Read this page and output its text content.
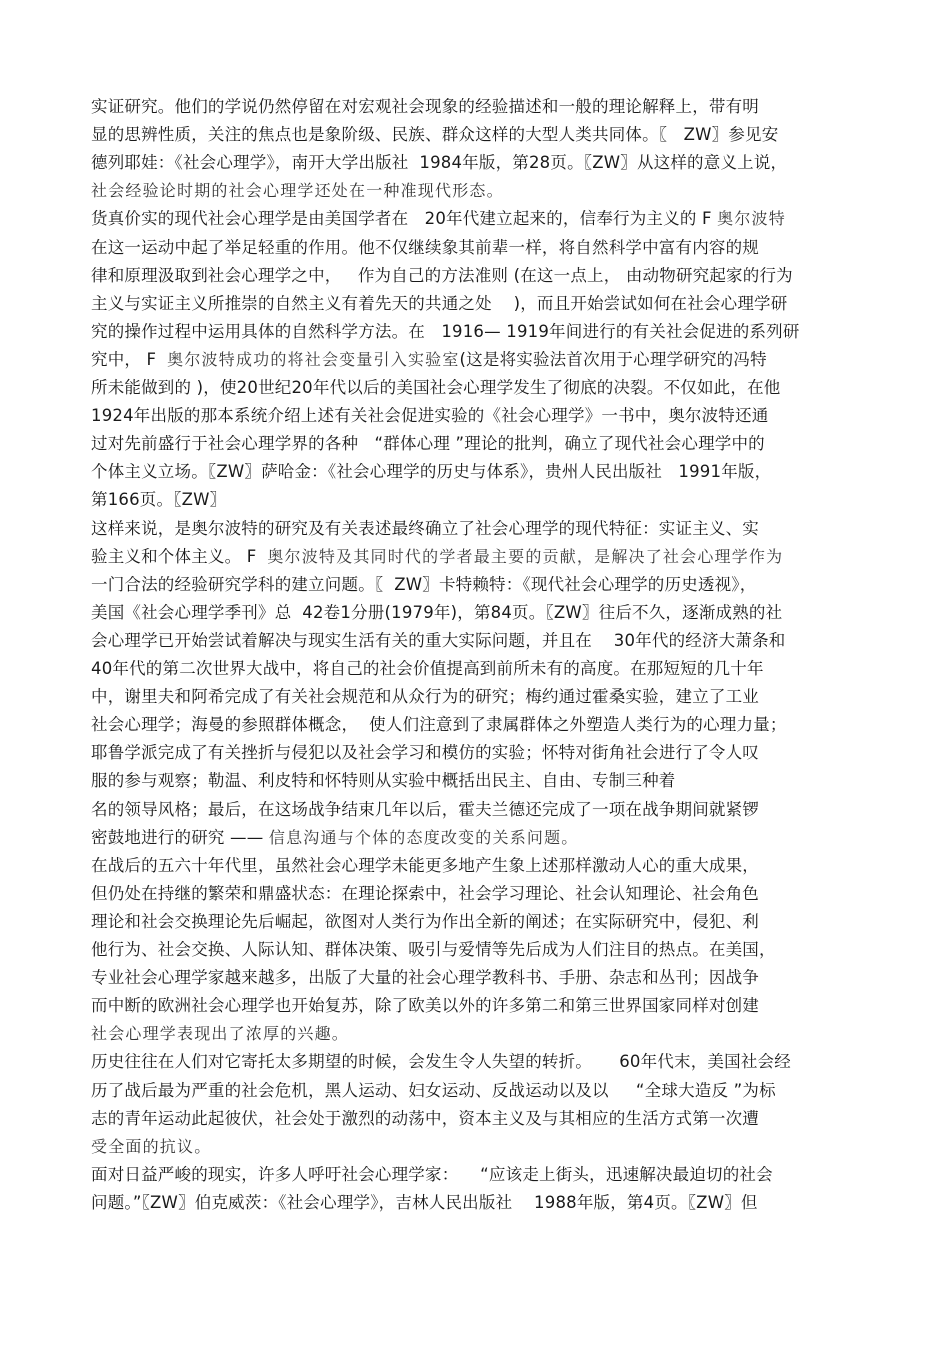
实证研究。他们的学说仍然停留在对宏观社会现象的经验描述和一般的理论解释上，带有明
显的思辨性质，关注的焦点也是象阶级、民族、群众这样的大型人类共同体。〖   ZW〗参见安
德列耶娃：《社会心理学》，南开大学出版社  1984年版，第28页。〖ZW〗从这样的意义上说，
社会经验论时期的社会心理学还处在一种准现代形态。
货真价实的现代社会心理学是由美国学者在   20年代建立起来的，信奉行为主义的 F 奥尔波特
在这一运动中起了举足轻重的作用。他不仅继续象其前辈一样，将自然科学中富有内容的规
律和原理汲取到社会心理学之中，   作为自己的方法准则 (在这一点上， 由动物研究起家的行为
主义与实证主义所推崇的自然主义有着先天的共通之处    )，而且开始尝试如何在社会心理学研
究的操作过程中运用具体的自然科学方法。在   1916— 1919年间进行的有关社会促进的系列研
究中， F  奥尔波特成功的将社会变量引入实验室(这是将实验法首次用于心理学研究的冯特
所未能做到的 )，使20世纪20年代以后的美国社会心理学发生了彻底的决裂。不仅如此，在他
1924年出版的那本系统介绍上述有关社会促进实验的《社会心理学》一书中，奥尔波特还通
过对先前盛行于社会心理学界的各种   “群体心理 ”理论的批判，确立了现代社会心理学中的
个体主义立场。〖ZW〗萨哈金：《社会心理学的历史与体系》，贵州人民出版社   1991年版，
第166页。〖ZW〗
这样来说，是奥尔波特的研究及有关表述最终确立了社会心理学的现代特征：实证主义、实
验主义和个体主义。 F  奥尔波特及其同时代的学者最主要的贡献，是解决了社会心理学作为
一门合法的经验研究学科的建立问题。〖  ZW〗卡特赖特：《现代社会心理学的历史透视》，
美国《社会心理学季刊》总  42卷1分册(1979年)，第84页。〖ZW〗往后不久，逐渐成熟的社
会心理学已开始尝试着解决与现实生活有关的重大实际问题，并且在    30年代的经济大萧条和
40年代的第二次世界大战中，将自己的社会价值提高到前所未有的高度。在那短短的几十年
中，谢里夫和阿希完成了有关社会规范和从众行为的研究；梅约通过霍桑实验，建立了工业
社会心理学；海曼的参照群体概念，  使人们注意到了隶属群体之外塑造人类行为的心理力量；
耶鲁学派完成了有关挫折与侵犯以及社会学习和模仿的实验；怀特对街角社会进行了令人叹
服的参与观察；勒温、利皮特和怀特则从实验中概括出民主、自由、专制三种着
名的领导风格；最后，在这场战争结束几年以后，霍夫兰德还完成了一项在战争期间就紧锣
密鼓地进行的研究 —— 信息沟通与个体的态度改变的关系问题。
在战后的五六十年代里，虽然社会心理学未能更多地产生象上述那样激动人心的重大成果，
但仍处在持继的繁荣和鼎盛状态：在理论探索中，社会学习理论、社会认知理论、社会角色
理论和社会交换理论先后崛起，欲图对人类行为作出全新的阐述；在实际研究中，侵犯、利
他行为、社会交换、人际认知、群体决策、吸引与爱情等先后成为人们注目的热点。在美国，
专业社会心理学家越来越多，出版了大量的社会心理学教科书、手册、杂志和丛刊；因战争
而中断的欧洲社会心理学也开始复苏，除了欧美以外的许多第二和第三世界国家同样对创建
社会心理学表现出了浓厚的兴趣。
历史往往在人们对它寄托太多期望的时候，会发生令人失望的转折。     60年代末，美国社会经
历了战后最为严重的社会危机，黑人运动、妇女运动、反战运动以及以     “全球大造反 ”为标
志的青年运动此起彼伏，社会处于激烈的动荡中，资本主义及与其相应的生活方式第一次遭
受全面的抗议。
面对日益严峻的现实，许多人呼吁社会心理学家：    “应该走上街头，迅速解决最迫切的社会
问题。”〖ZW〗伯克威茨：《社会心理学》，吉林人民出版社    1988年版，第4页。〖ZW〗但
